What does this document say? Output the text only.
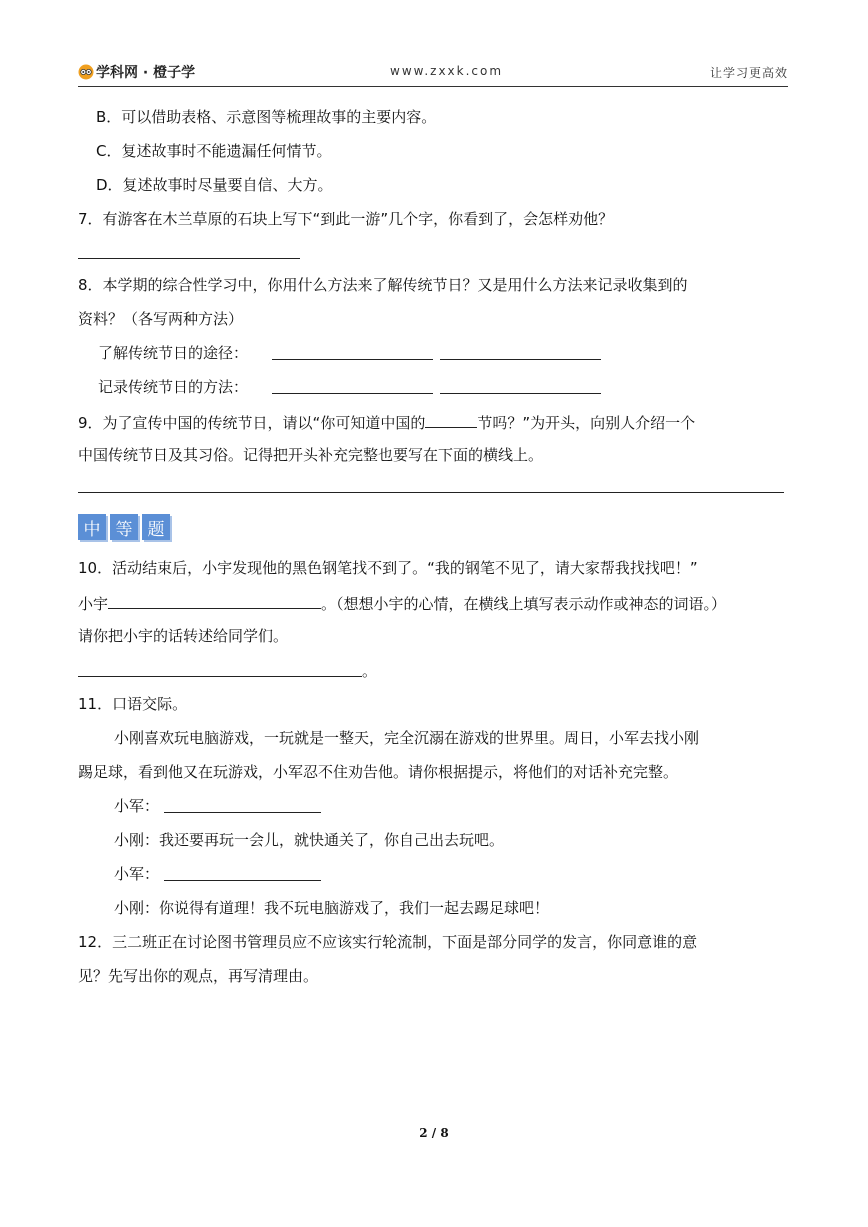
学科网 · 橙子学	www.zxxk.com	让学习更高效
B．可以借助表格、示意图等梳理故事的主要内容。
C．复述故事时不能遗漏任何情节。
D．复述故事时尽量要自信、大方。
7．有游客在木兰草原的石块上写下“到此一游”几个字，你看到了，会怎样劝他？
8．本学期的综合性学习中，你用什么方法来了解传统节日？又是用什么方法来记录收集到的
资料？（各写两种方法）
了解传统节日的途径：
记录传统节日的方法：
9．为了宣传中国的传统节日，请以“你可知道中国的	节吗？”为开头，向别人介绍一个
中国传统节日及其习俗。记得把开头补充完整也要写在下面的横线上。
中 等 题
10．活动结束后，小宇发现他的黑色钢笔找不到了。“我的钢笔不见了，请大家帮我找找吧！”
小宇	。（想想小宇的心情，在横线上填写表示动作或神态的词语。）
请你把小宇的话转述给同学们。
。
11．口语交际。
小刚喜欢玩电脑游戏，一玩就是一整天，完全沉溺在游戏的世界里。周日，小军去找小刚
踢足球，看到他又在玩游戏，小军忍不住劝告他。请你根据提示，将他们的对话补充完整。
小军：
小刚：我还要再玩一会儿，就快通关了，你自己出去玩吧。
小军：
小刚：你说得有道理！我不玩电脑游戏了，我们一起去踢足球吧！
12．三二班正在讨论图书管理员应不应该实行轮流制，下面是部分同学的发言，你同意谁的意
见？先写出你的观点，再写清理由。
2 / 8
